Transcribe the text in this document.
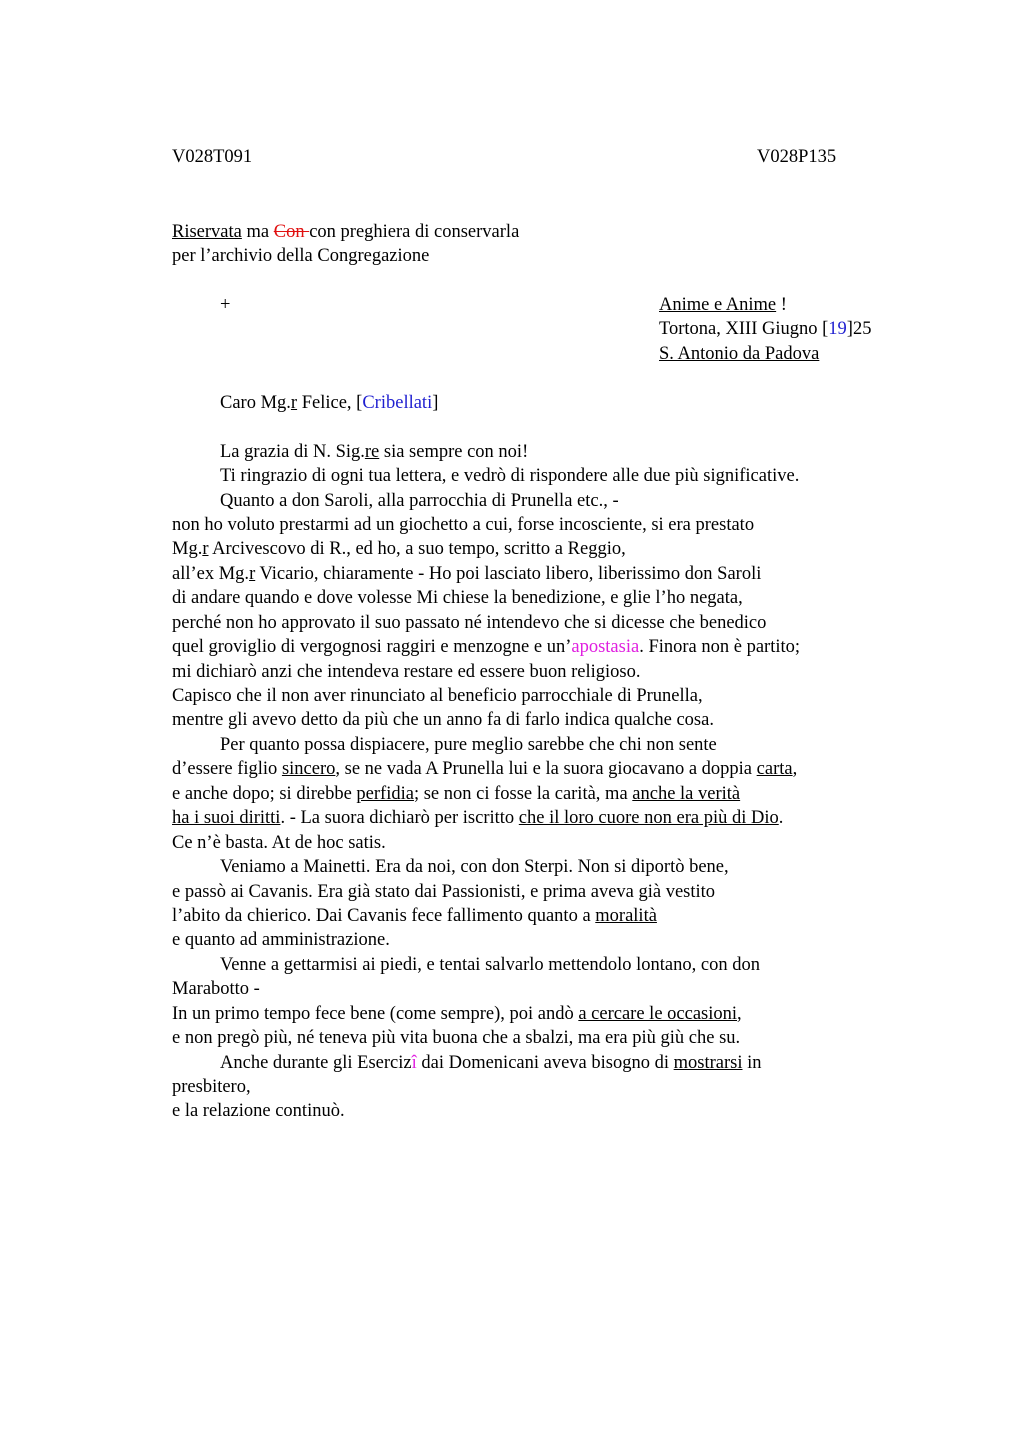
V028T091	V028P135
Riservata ma Con con preghiera di conservarla
per l’archivio della Congregazione
+	Anime e Anime !
Tortona, XIII Giugno [19]25
S. Antonio da Padova
Caro Mg.r Felice, [Cribellati]
La grazia di N. Sig.re sia sempre con noi!
Ti ringrazio di ogni tua lettera, e vedrò di rispondere alle due più significative.
Quanto a don Saroli, alla parrocchia di Prunella etc., -
non ho voluto prestarmi ad un giochetto a cui, forse incosciente, si era prestato
Mg.r Arcivescovo di R., ed ho, a suo tempo, scritto a Reggio,
all’ex Mg.r Vicario, chiaramente - Ho poi lasciato libero, liberissimo don Saroli
di andare quando e dove volesse Mi chiese la benedizione, e glie l’ho negata,
perché non ho approvato il suo passato né intendevo che si dicesse che benedico
quel groviglio di vergognosi raggiri e menzogne e un’apostasia. Finora non è partito;
mi dichiarò anzi che intendeva restare ed essere buon religioso.
Capisco che il non aver rinunciato al beneficio parrocchiale di Prunella,
mentre gli avevo detto da più che un anno fa di farlo indica qualche cosa.
Per quanto possa dispiacere, pure meglio sarebbe che chi non sente
d’essere figlio sincero, se ne vada A Prunella lui e la suora giocavano a doppia carta,
e anche dopo; si direbbe perfidia; se non ci fosse la carità, ma anche la verità
ha i suoi diritti. - La suora dichiarò per iscritto che il loro cuore non era più di Dio.
Ce n’è basta. At de hoc satis.
Veniamo a Mainetti. Era da noi, con don Sterpi. Non si diportò bene,
e passò ai Cavanis. Era già stato dai Passionisti, e prima aveva già vestito
l’abito da chierico. Dai Cavanis fece fallimento quanto a moralità
e quanto ad amministrazione.
Venne a gettarmisi ai piedi, e tentai salvarlo mettendolo lontano, con don
Marabotto -
In un primo tempo fece bene (come sempre), poi andò a cercare le occasioni,
e non pregò più, né teneva più vita buona che a sbalzi, ma era più giù che su.
Anche durante gli Esercizî dai Domenicani aveva bisogno di mostrarsi in
presbitero,
e la relazione continuò.
